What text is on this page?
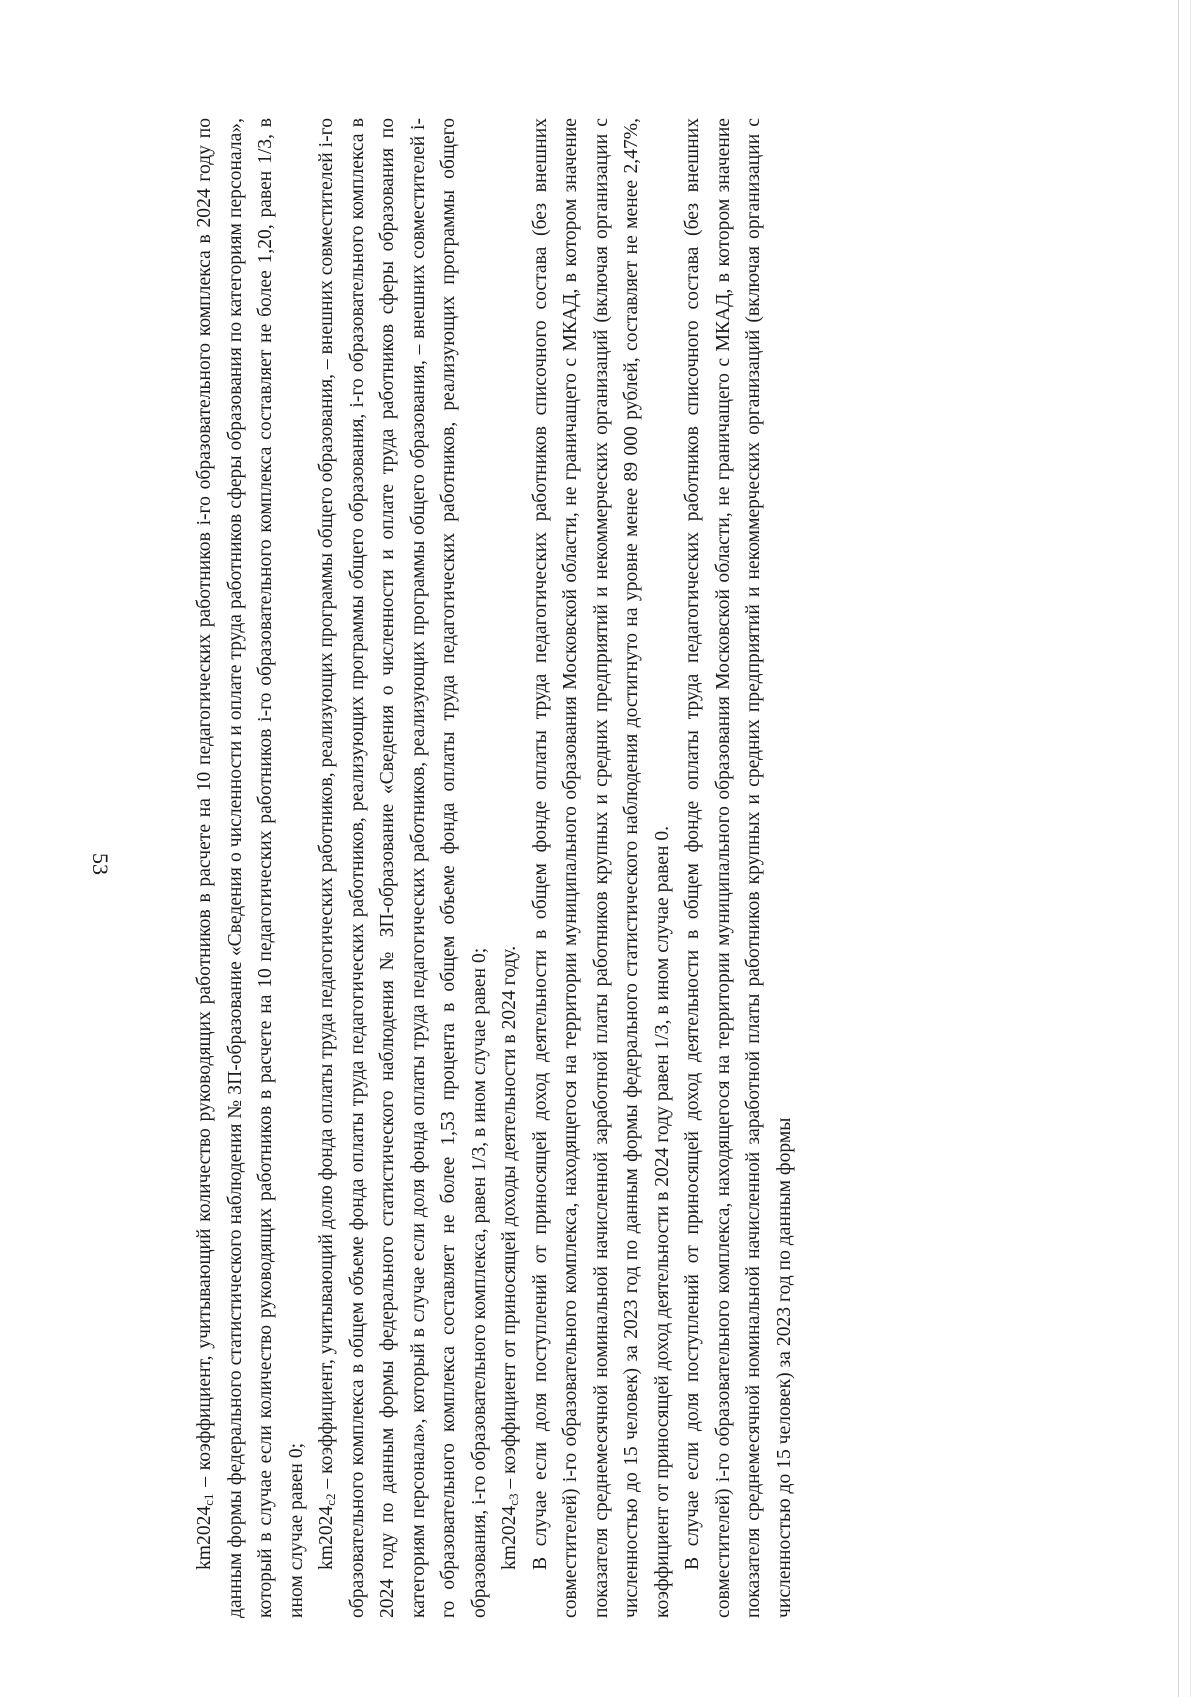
53

$km2024_{c1}$ – коэффициент, учитывающий количество руководящих работников в расчете на 10 педагогических работников i-го образовательного комплекса в 2024 году по данным формы федерального статистического наблюдения № ЗП-образование «Сведения о численности и оплате труда работников сферы образования по категориям персонала», который в случае если количество руководящих работников в расчете на 10 педагогических работников i-го образовательного комплекса составляет не более 1,20, равен 1/3, в ином случае равен 0; $km2024_{c2}$ – коэффициент, учитывающий долю фонда оплаты труда педагогических работников, реализующих программы общего образования, – внешних совместителей i-го образовательного комплекса в общем объеме фонда оплаты труда педагогических работников, реализующих программы общего образования, i-го образовательного комплекса в 2024 году по данным формы федерального статистического наблюдения № ЗП-образование «Сведения о численности и оплате труда работников сферы образования по категориям персонала», который в случае если доля фонда оплаты труда педагогических работников, реализующих программы общего образования, – внешних совместителей i-го образовательного комплекса составляет не более 1,53 процента в общем объеме фонда оплаты труда педагогических работников, реализующих программы общего образования, i-го образовательного комплекса, равен 1/3, в ином случае равен 0; $km2024_{c3}$ – коэффициент от приносящей доходы деятельности в 2024 году. В случае если доля поступлений от приносящей доход деятельности в общем фонде оплаты труда педагогических работников списочного состава (без внешних совместителей) i-го образовательного комплекса, находящегося на территории муниципального образования Московской области, не граничащего с МКАД, в котором значение показателя среднемесячной номинальной начисленной заработной платы работников крупных и средних предприятий и некоммерческих организаций (включая организации с численностью до 15 человек) за 2023 год по данным формы федерального статистического наблюдения достигнуто на уровне менее 89 000 рублей, составляет не менее 2,47%, коэффициент от приносящей доход деятельности в 2024 году равен 1/3, в ином случае равен 0. В случае если доля поступлений от приносящей доход деятельности в общем фонде оплаты труда педагогических работников списочного состава (без внешних совместителей) i-го образовательного комплекса, находящегося на территории муниципального образования Московской области, не граничащего с МКАД, в котором значение показателя среднемесячной номинальной начисленной заработной платы работников крупных и средних предприятий и некоммерческих организаций (включая организации с численностью до 15 человек) за 2023 год по данным формы
